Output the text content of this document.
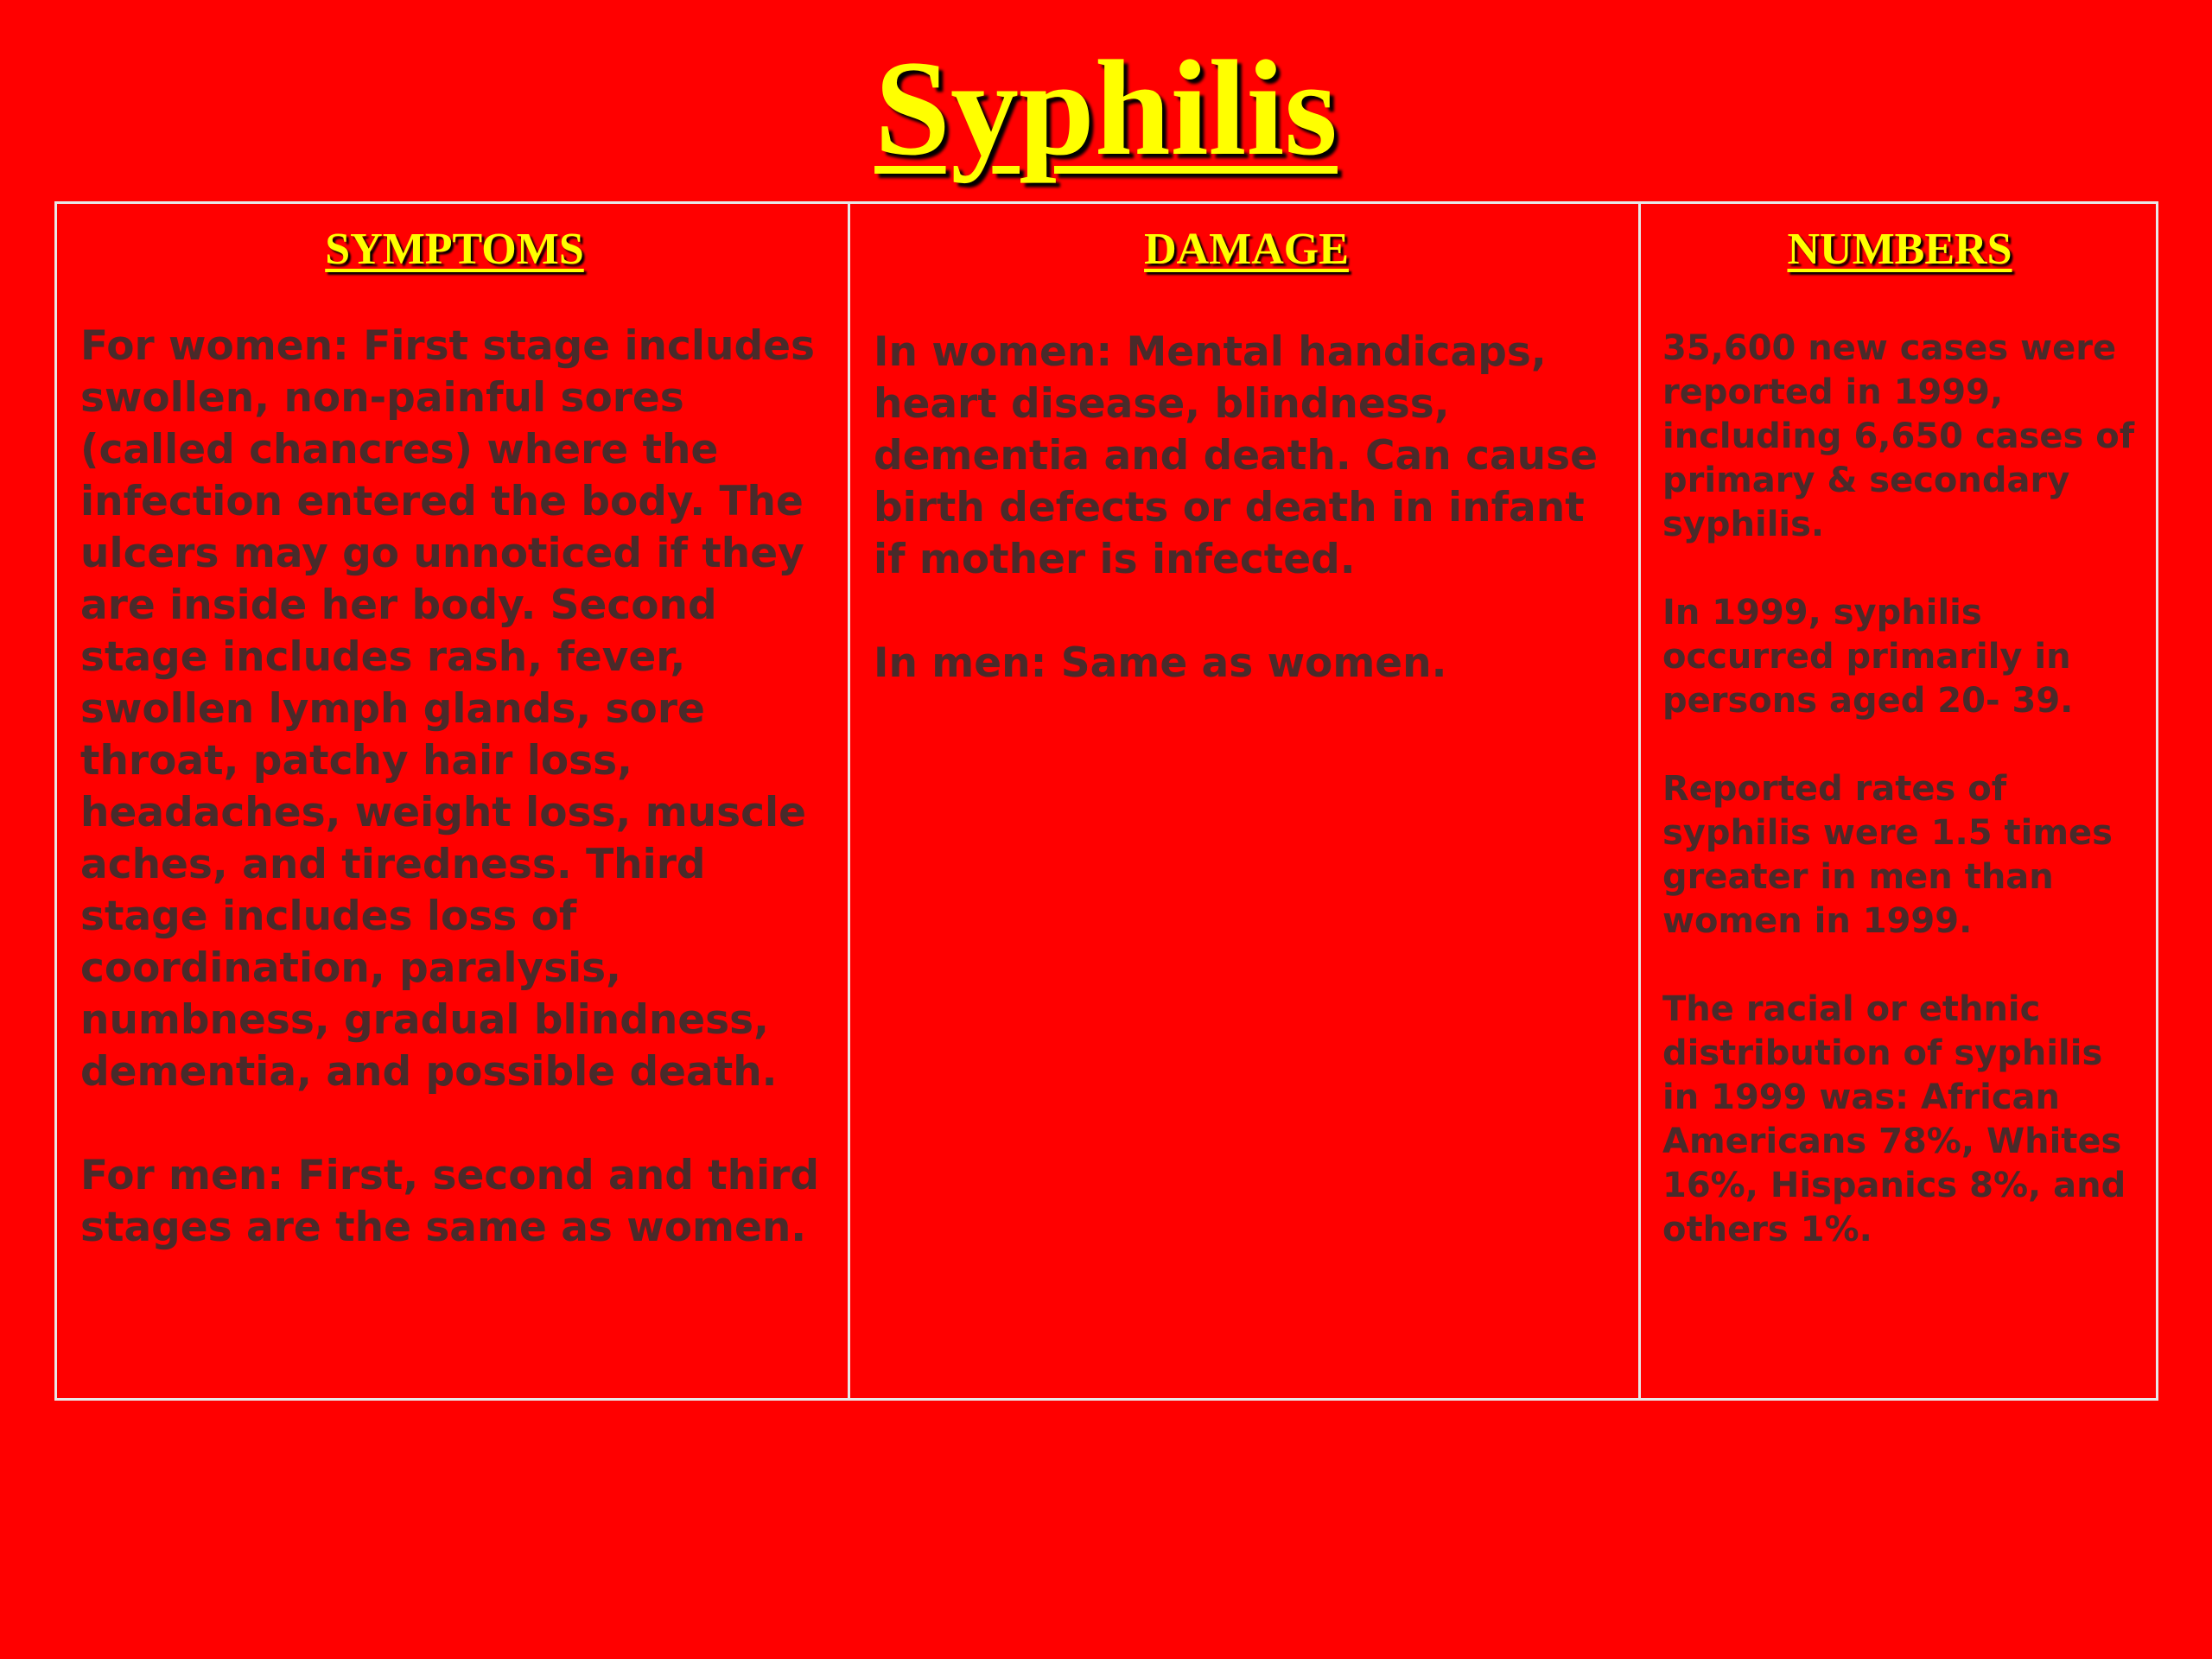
Syphilis
SYMPTOMS

For women: First stage includes swollen, non-painful sores (called chancres) where the infection entered the body. The ulcers may go unnoticed if they are inside her body. Second stage includes rash, fever, swollen lymph glands, sore throat, patchy hair loss, headaches, weight loss, muscle aches, and tiredness. Third stage includes loss of coordination, paralysis, numbness, gradual blindness, dementia, and possible death.

For men: First, second and third stages are the same as women.

DAMAGE

In women: Mental handicaps, heart disease, blindness, dementia and death. Can cause birth defects or death in infant if mother is infected.

In men: Same as women.

NUMBERS

35,600 new cases were reported in 1999, including 6,650 cases of primary & secondary syphilis.

In 1999, syphilis occurred primarily in persons aged 20- 39.

Reported rates of syphilis were 1.5 times greater in men than women in 1999.

The racial or ethnic distribution of syphilis in 1999 was: African Americans 78%, Whites 16%, Hispanics 8%, and others 1%.
